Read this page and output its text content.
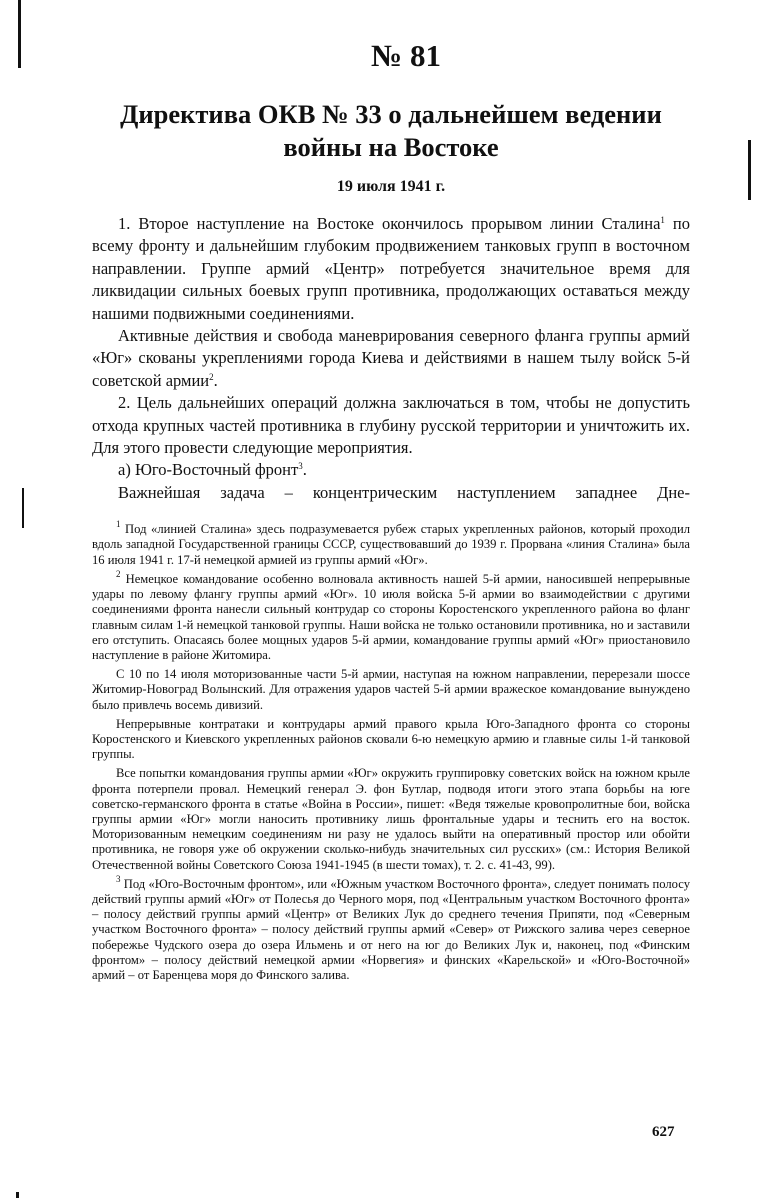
№ 81
Директива ОКВ № 33 о дальнейшем ведении
войны на Востоке
19 июля 1941 г.

1. Второе наступление на Востоке окончилось прорывом линии Сталина$^1$ по всему фронту и дальнейшим глубоким продвижением танковых групп в восточном направлении. Группе армий «Центр» потребуется значительное время для ликвидации сильных боевых групп противника, продолжающих оставаться между нашими подвижными соединениями.

Активные действия и свобода маневрирования северного фланга группы армий «Юг» скованы укреплениями города Киева и действиями в нашем тылу войск 5-й советской армии$^2$.

2. Цель дальнейших операций должна заключаться в том, чтобы не допустить отхода крупных частей противника в глубину русской территории и уничтожить их. Для этого провести следующие мероприятия.

а) Юго-Восточный фронт$^3$.

Важнейшая задача – концентрическим наступлением западнее Дне-

$^1$ Под «линией Сталина» здесь подразумевается рубеж старых укрепленных районов, который проходил вдоль западной Государственной границы СССР, существовавший до 1939 г. Прорвана «линия Сталина» была 16 июля 1941 г. 17-й немецкой армией из группы армий «Юг».

$^2$ Немецкое командование особенно волновала активность нашей 5-й армии, наносившей непрерывные удары по левому флангу группы армий «Юг». 10 июля войска 5-й армии во взаимодействии с другими соединениями фронта нанесли сильный контрудар со стороны Коростенского укрепленного района во фланг главным силам 1-й немецкой танковой группы. Наши войска не только остановили противника, но и заставили его отступить. Опасаясь более мощных ударов 5-й армии, командование группы армий «Юг» приостановило наступление в районе Житомира.

С 10 по 14 июля моторизованные части 5-й армии, наступая на южном направлении, перерезали шоссе Житомир-Новоград Волынский. Для отражения ударов частей 5-й армии вражеское командование вынуждено было привлечь восемь дивизий.

Непрерывные контратаки и контрудары армий правого крыла Юго-Западного фронта со стороны Коростенского и Киевского укрепленных районов сковали 6-ю немецкую армию и главные силы 1-й танковой группы.

Все попытки командования группы армии «Юг» окружить группировку советских войск на южном крыле фронта потерпели провал. Немецкий генерал Э. фон Бутлар, подводя итоги этого этапа борьбы на юге советско-германского фронта в статье «Война в России», пишет: «Ведя тяжелые кровопролитные бои, войска группы армии «Юг» могли наносить противнику лишь фронтальные удары и теснить его на восток. Моторизованным немецким соединениям ни разу не удалось выйти на оперативный простор или обойти противника, не говоря уже об окружении сколько-нибудь значительных сил русских» (см.: История Великой Отечественной войны Советского Союза 1941-1945 (в шести томах), т. 2. с. 41-43, 99).

$^3$ Под «Юго-Восточным фронтом», или «Южным участком Восточного фронта», следует понимать полосу действий группы армий «Юг» от Полесья до Черного моря, под «Центральным участком Восточного фронта» – полосу действий группы армий «Центр» от Великих Лук до среднего течения Припяти, под «Северным участком Восточного фронта» – полосу действий группы армий «Север» от Рижского залива через северное побережье Чудского озера до озера Ильмень и от него на юг до Великих Лук и, наконец, под «Финским фронтом» – полосу действий немецкой армии «Норвегия» и финских «Карельской» и «Юго-Восточной» армий – от Баренцева моря до Финского залива.

627
